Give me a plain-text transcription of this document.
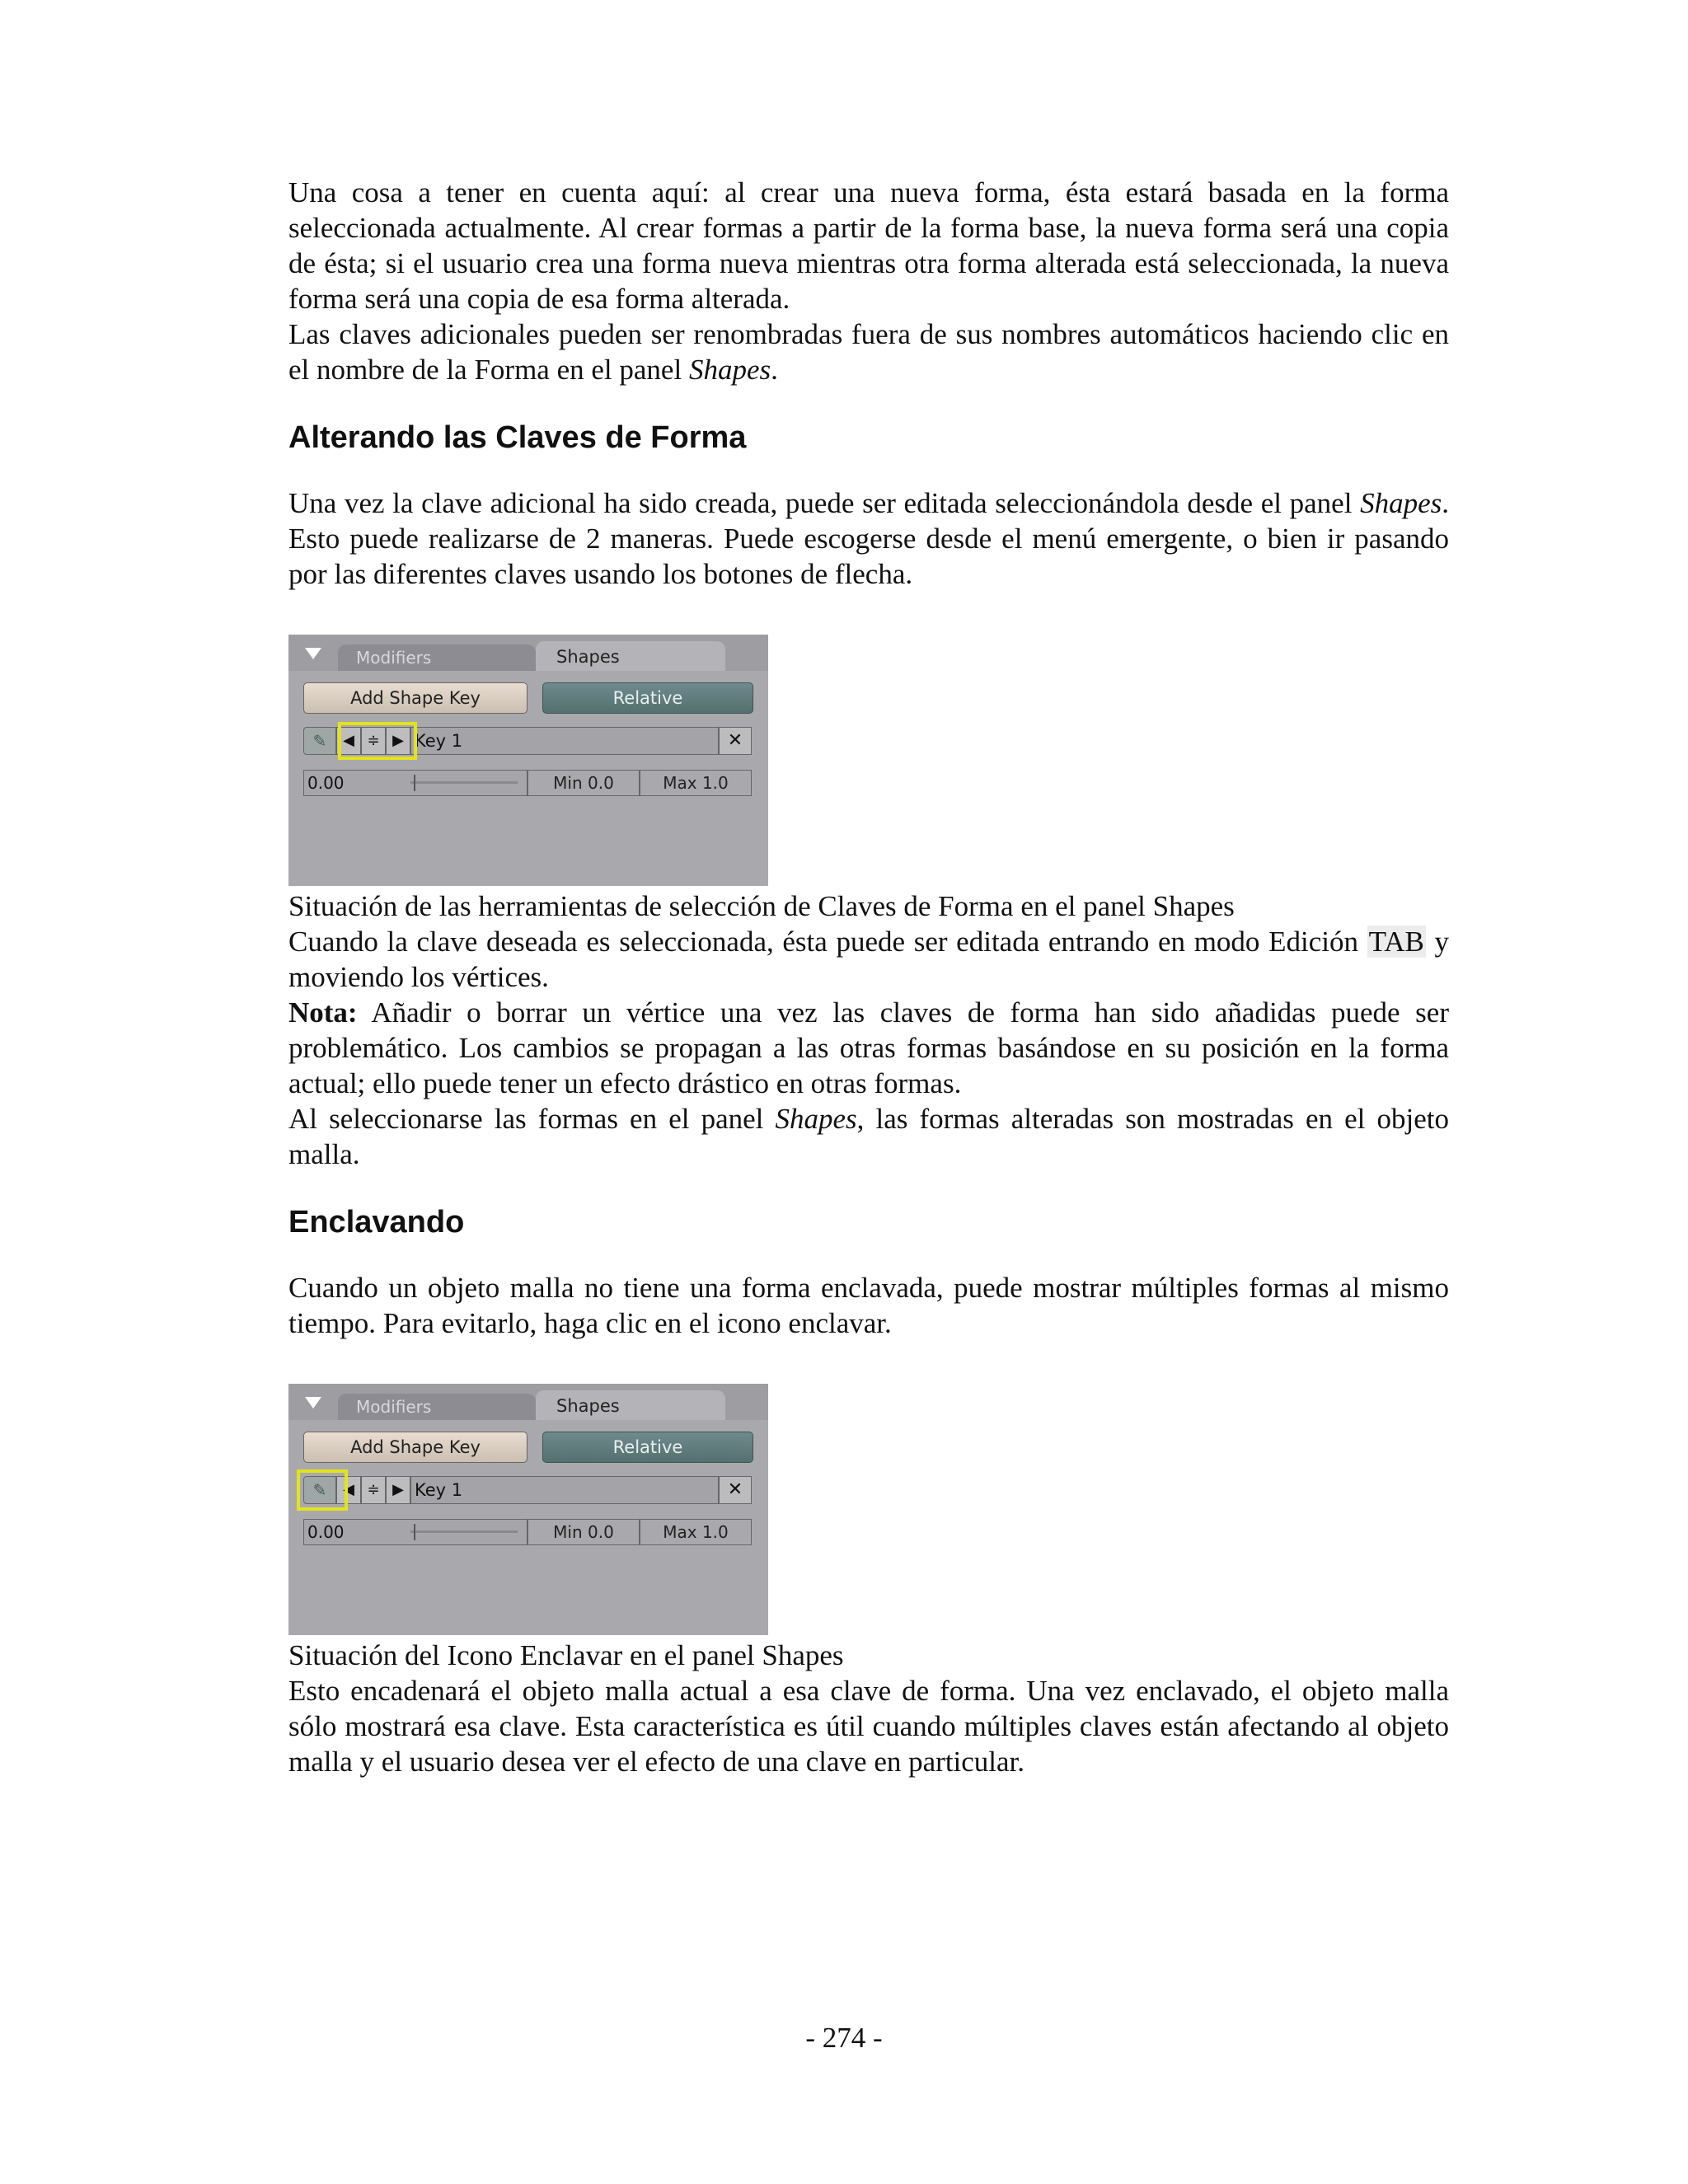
Una cosa a tener en cuenta aquí: al crear una nueva forma, ésta estará basada en la forma seleccionada actualmente. Al crear formas a partir de la forma base, la nueva forma será una copia de ésta; si el usuario crea una forma nueva mientras otra forma alterada está seleccionada, la nueva forma será una copia de esa forma alterada.

Las claves adicionales pueden ser renombradas fuera de sus nombres automáticos haciendo clic en el nombre de la Forma en el panel Shapes.

Alterando las Claves de Forma

Una vez la clave adicional ha sido creada, puede ser editada seleccionándola desde el panel Shapes. Esto puede realizarse de 2 maneras. Puede escogerse desde el menú emergente, o bien ir pasando por las diferentes claves usando los botones de flecha.

Modifiers	Shapes
Add Shape Key	Relative
✎	◀ ≑ ▶ Key 1	✕
0.00	Min 0.0	Max 1.0

Situación de las herramientas de selección de Claves de Forma en el panel Shapes

Cuando la clave deseada es seleccionada, ésta puede ser editada entrando en modo Edición TAB y moviendo los vértices.

Nota: Añadir o borrar un vértice una vez las claves de forma han sido añadidas puede ser problemático. Los cambios se propagan a las otras formas basándose en su posición en la forma actual; ello puede tener un efecto drástico en otras formas.

Al seleccionarse las formas en el panel Shapes, las formas alteradas son mostradas en el objeto malla.

Enclavando

Cuando un objeto malla no tiene una forma enclavada, puede mostrar múltiples formas al mismo tiempo. Para evitarlo, haga clic en el icono enclavar.

Modifiers	Shapes
Add Shape Key	Relative
✎	◀ ≑ ▶ Key 1	✕
0.00	Min 0.0	Max 1.0

Situación del Icono Enclavar en el panel Shapes

Esto encadenará el objeto malla actual a esa clave de forma. Una vez enclavado, el objeto malla sólo mostrará esa clave. Esta característica es útil cuando múltiples claves están afectando al objeto malla y el usuario desea ver el efecto de una clave en particular.

- 274 -
